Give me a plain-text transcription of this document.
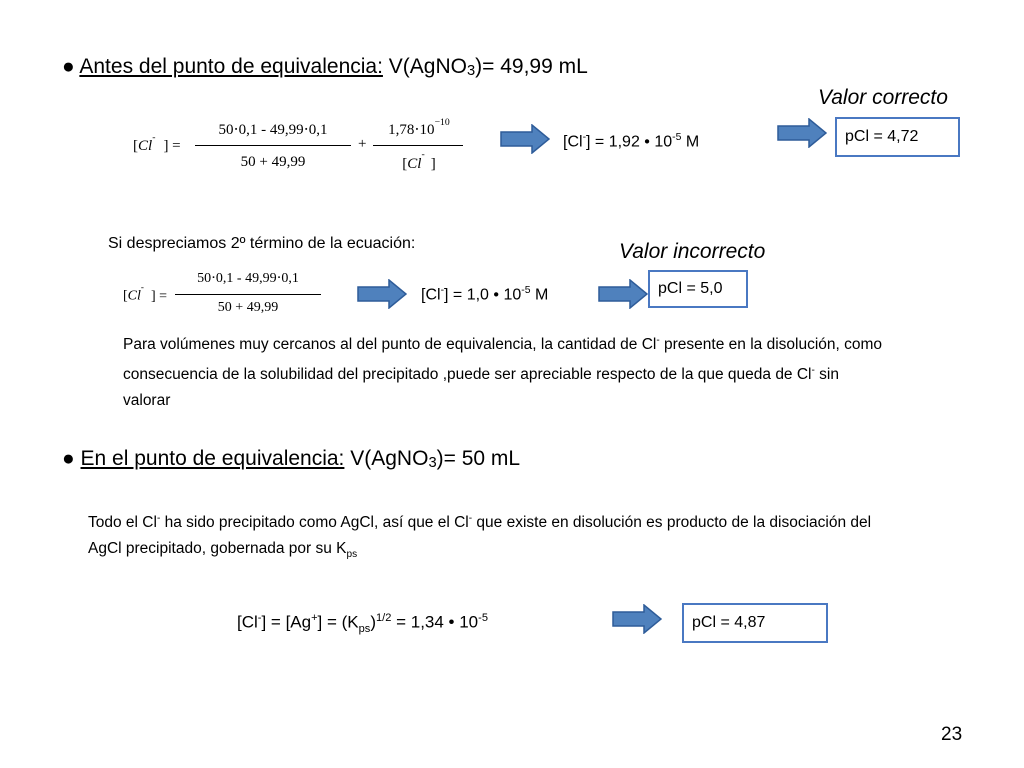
● Antes del punto de equivalencia: V(AgNO$_3$)= 49,99 mL
Valor correcto
[Cl-] =
50⋅0,1 - 49,99⋅0,1
50 + 49,99
+
$1,78\cdot 10^{-10}$
[Cl-]
[Cl-] = 1,92 • $10^{-5}$ M	pCl = 4,72
Si despreciamos 2º término de la ecuación:	Valor incorrecto
[Cl-] =
50⋅0,1 - 49,99⋅0,1
50 + 49,99
[Cl-] = 1,0 • $10^{-5}$ M	pCl = 5,0
Para volúmenes muy cercanos al del punto de equivalencia, la cantidad de Cl- presente en la disolución, como consecuencia de la solubilidad del precipitado ,puede ser apreciable respecto de la que queda de Cl- sin valorar
● En el punto de equivalencia: V(AgNO$_3$)= 50 mL
Todo el Cl- ha sido precipitado como AgCl, así que el Cl- que existe en disolución es producto de la disociación del AgCl precipitado, gobernada por su $K_{ps}$
$[Cl^-] = [Ag^+] = (K_{ps})^{1/2} = 1,34$ • $10^{-5}$	pCl = 4,87
23
